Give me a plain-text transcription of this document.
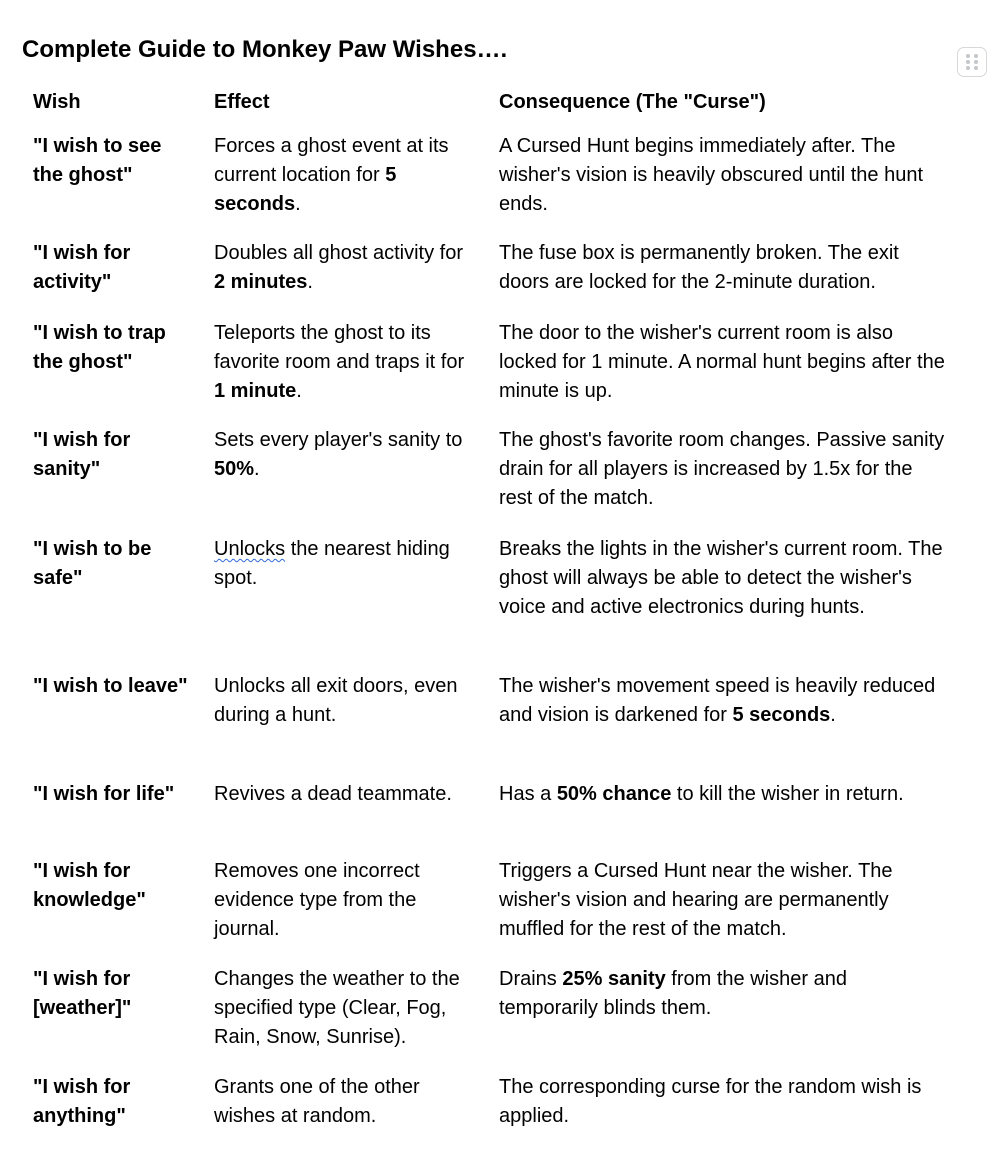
Complete Guide to Monkey Paw Wishes….
Wish	Effect	Consequence (The "Curse")
"I wish to see the ghost"	Forces a ghost event at its current location for 5 seconds.	A Cursed Hunt begins immediately after. The wisher's vision is heavily obscured until the hunt ends.
"I wish for activity"	Doubles all ghost activity for 2 minutes.	The fuse box is permanently broken. The exit doors are locked for the 2-minute duration.
"I wish to trap the ghost"	Teleports the ghost to its favorite room and traps it for 1 minute.	The door to the wisher's current room is also locked for 1 minute. A normal hunt begins after the minute is up.
"I wish for sanity"	Sets every player's sanity to 50%.	The ghost's favorite room changes. Passive sanity drain for all players is increased by 1.5x for the rest of the match.
"I wish to be safe"	Unlocks the nearest hiding spot.	Breaks the lights in the wisher's current room. The ghost will always be able to detect the wisher's voice and active electronics during hunts.
"I wish to leave"	Unlocks all exit doors, even during a hunt.	The wisher's movement speed is heavily reduced and vision is darkened for 5 seconds.
"I wish for life"	Revives a dead teammate.	Has a 50% chance to kill the wisher in return.
"I wish for knowledge"	Removes one incorrect evidence type from the journal.	Triggers a Cursed Hunt near the wisher. The wisher's vision and hearing are permanently muffled for the rest of the match.
"I wish for [weather]"	Changes the weather to the specified type (Clear, Fog, Rain, Snow, Sunrise).	Drains 25% sanity from the wisher and temporarily blinds them.
"I wish for anything"	Grants one of the other wishes at random.	The corresponding curse for the random wish is applied.
